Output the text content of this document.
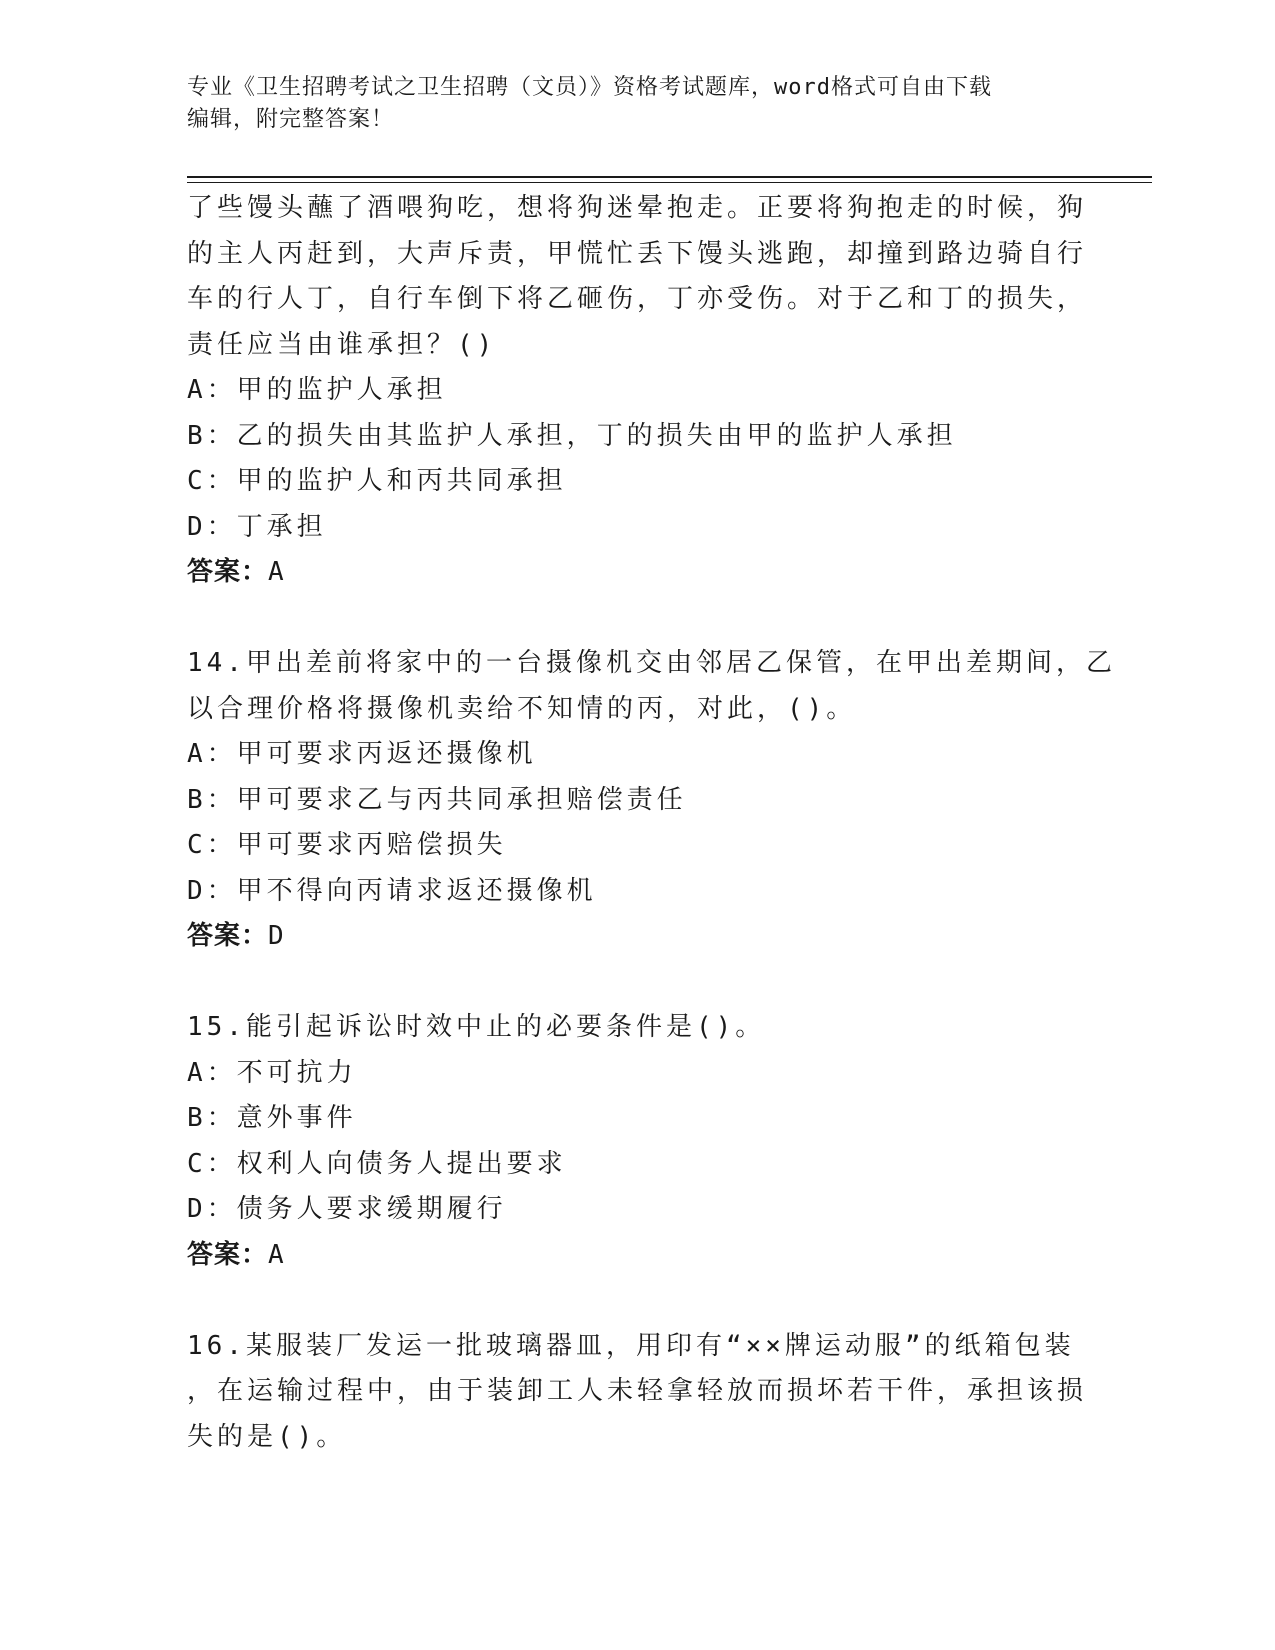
专业《卫生招聘考试之卫生招聘（文员）》资格考试题库，word格式可自由下载
编辑，附完整答案！
了些馒头蘸了酒喂狗吃，想将狗迷晕抱走。正要将狗抱走的时候，狗
的主人丙赶到，大声斥责，甲慌忙丢下馒头逃跑，却撞到路边骑自行
车的行人丁，自行车倒下将乙砸伤，丁亦受伤。对于乙和丁的损失，
责任应当由谁承担？()
A：甲的监护人承担
B：乙的损失由其监护人承担，丁的损失由甲的监护人承担
C：甲的监护人和丙共同承担
D：丁承担
答案：A
14.甲出差前将家中的一台摄像机交由邻居乙保管，在甲出差期间，乙
以合理价格将摄像机卖给不知情的丙，对此，()。
A：甲可要求丙返还摄像机
B：甲可要求乙与丙共同承担赔偿责任
C：甲可要求丙赔偿损失
D：甲不得向丙请求返还摄像机
答案：D
15.能引起诉讼时效中止的必要条件是()。
A：不可抗力
B：意外事件
C：权利人向债务人提出要求
D：债务人要求缓期履行
答案：A
16.某服装厂发运一批玻璃器皿，用印有“××牌运动服”的纸箱包装
，在运输过程中，由于装卸工人未轻拿轻放而损坏若干件，承担该损
失的是()。
